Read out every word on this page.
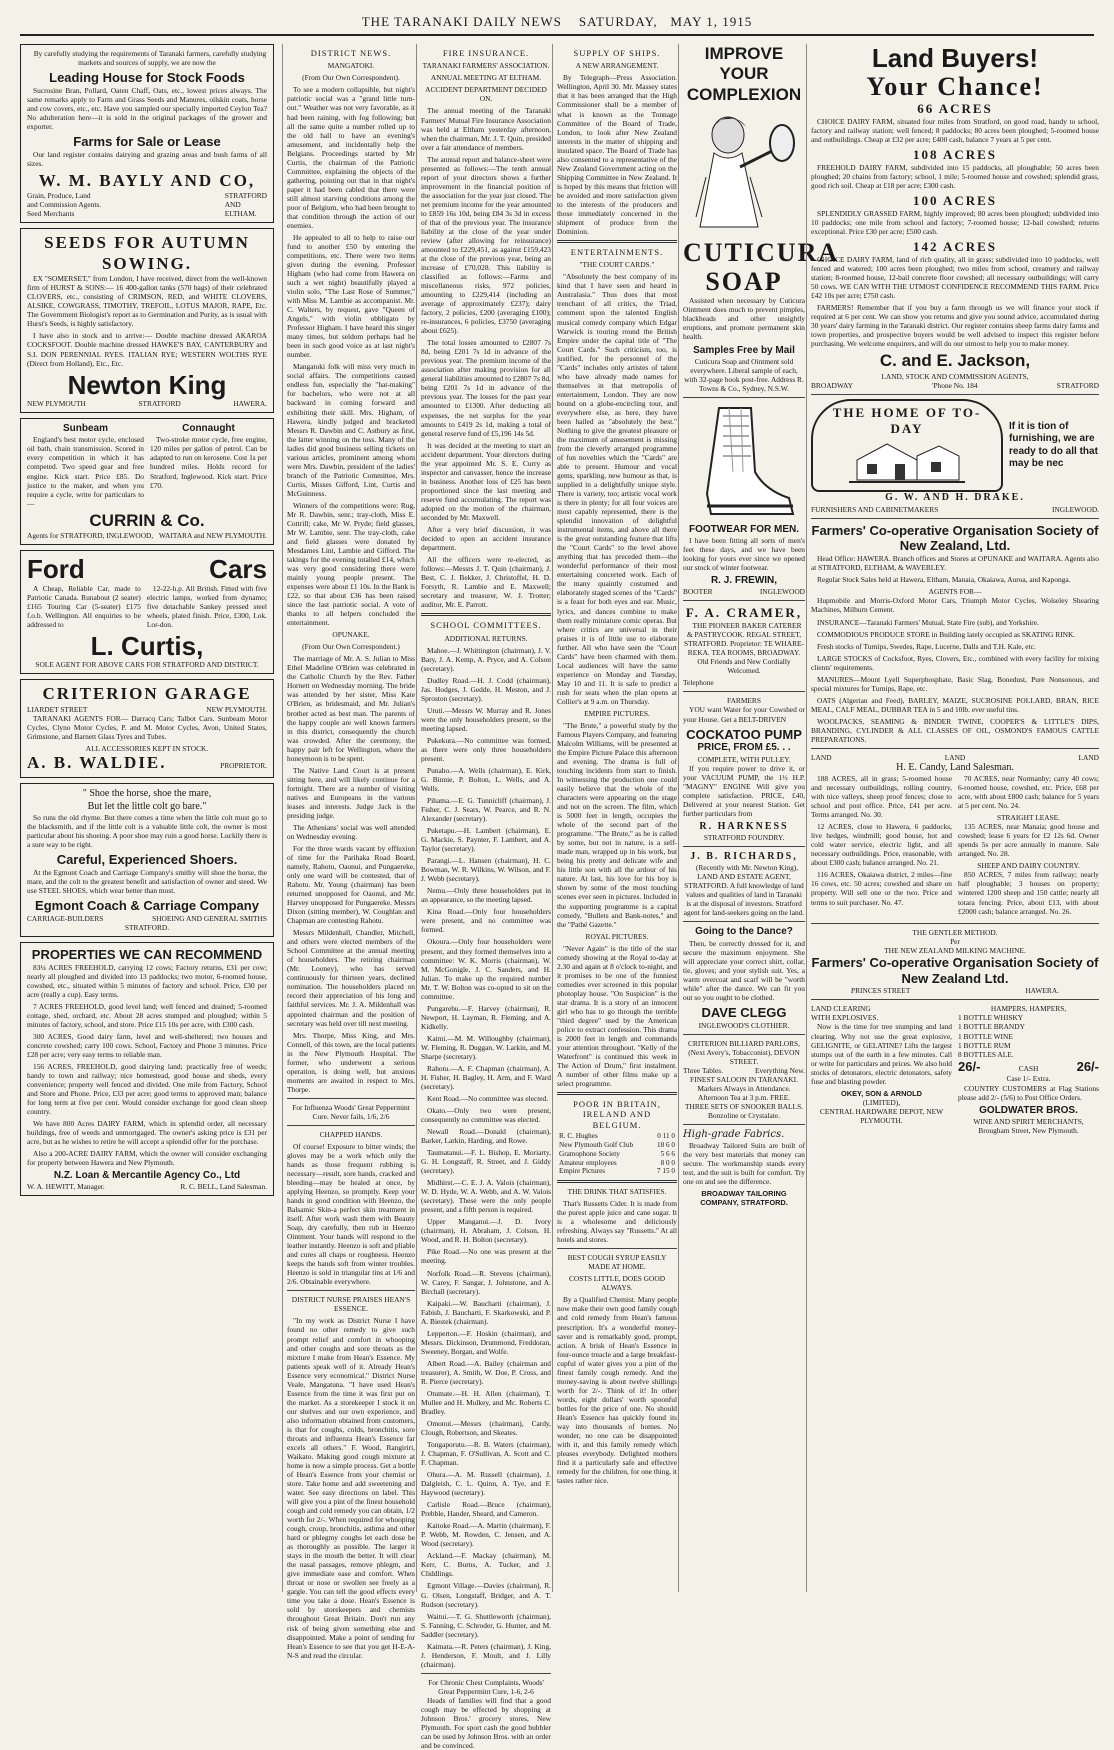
THE TARANAKI DAILY NEWS SATURDAY, MAY 1, 1915

By carefully studying the requirements of Taranaki farmers, carefully studying markets and sources of supply, we are now the

Leading House for Stock Foods

Sucrosine Bran, Pollard, Oaten Chaff, Oats, etc., lowest prices always. The same remarks apply to Farm and Grass Seeds and Manures, oilskin coats, horse and cow covers, etc., etc. Have you sampled our specially imported Ceylon Tea? No adulteration here—it is sold in the original packages of the grower and exporter.

Farms for Sale or Lease

Our land register contains dairying and grazing areas and bush farms of all sizes.

W. M. BAYLY AND CO,
Grain, Produce, Land
and Commission Agents.
Seed Merchants
STRATFORD
AND
ELTHAM.
SEEDS FOR AUTUMN SOWING.

EX "SOMERSET," from London, I have received, direct from the well-known firm of HURST & SONS:— 16 400-gallon tanks (570 bags) of their celebrated CLOVERS, etc., consisting of CRIMSON, RED, and WHITE CLOVERS, ALSIKE, COWGRASS, TIMOTHY, TREFOIL, LOTUS MAJOR, RAPE, Etc. The Government Biologist's report as to Germination and Purity, as is usual with Hurst's Seeds, is highly satisfactory.

I have also in stock and to arrive:— Double machine dressed AKAROA COCKSFOOT. Double machine dressed HAWKE'S BAY, CANTERBURY and S.I. DON PERENNIAL RYES. ITALIAN RYE; WESTERN WOLTHS RYE (Direct from Holland), Etc., Etc.

Newton King
NEW PLYMOUTH	STRATFORD	HAWERA.
Sunbeam

England's best motor cycle, enclosed oil bath, chain transmission. Scored in every competition in which it has competed. Two speed gear and free engine. Kick start. Price £85. Do justice to the maker, and when you require a cycle, write for particulars to—

Connaught

Two-stroke motor cycle, free engine, 120 miles per gallon of petrol. Can be adapted to run on kerosene. Cost 1s per hundred miles. Holds record for Stratford, Inglewood. Kick start. Price £70.

CURRIN & Co.
Agents for STRATFORD, INGLEWOOD, WAITARA and NEW PLYMOUTH.
Ford	Cars

A Cheap, Reliable Car, made to Patriotic Canada. Runabout (2 seater) £165 Touring Car (5-seater) £175 f.o.b. Wellington. All enquiries to be addressed to

12-22-h.p. All British. Fitted with five electric lamps, worked from dynamo; five detachable Sankey pressed steel wheels, plated finish. Price, £300, Lok. Lor-don.

L. Curtis,
SOLE AGENT FOR ABOVE CARS FOR STRATFORD AND DISTRICT.
CRITERION GARAGE
LIARDET STREET	NEW PLYMOUTH.

TARANAKI AGENTS FOR— Darracq Cars; Talbot Cars. Sunbeam Motor Cycles, Clyno Motor Cycles, P. and M. Motor Cycles, Avon, United States, Grimstone, and Barnett Glass Tyres and Tubes.

ALL ACCESSORIES KEPT IN STOCK.
A. B. WALDIE.	PROPRIETOR.
" Shoe the horse, shoe the mare,
But let the little colt go bare."

So runs the old rhyme. But there comes a time when the little colt must go to the blacksmith, and if the little colt is a valuable little colt, the owner is most particular about his shoeing. A poor shoe may ruin a good horse. Luckily there is a sure way to be right.

Careful, Experienced Shoers.

At the Egmont Coach and Carriage Company's smithy will shoe the horse, the mare, and the colt to the greatest benefit and satisfaction of owner and steed. We use STEEL SHOES, which wear better than most.

Egmont Coach & Carriage Company
CARRIAGE-BUILDERS	SHOEING AND GENERAL SMITHS
STRATFORD.
PROPERTIES WE CAN RECOMMEND

83¼ ACRES FREEHOLD, carrying 12 cows; Factory returns, £31 per cow; nearly all ploughed and divided into 13 paddocks; two motor, 6-roomed house, cowshed, etc., situated within 5 minutes of factory and school. Price, £30 per acre (really a cup). Easy terms.

7 ACRES FREEHOLD, good level land; well fenced and drained; 5-roomed cottage, shed, orchard, etc. About 28 acres stumped and ploughed; within 5 minutes of factory, school, and store. Price £15 10s per acre, with £300 cash.

300 ACRES, Good dairy farm, level and well-sheltered; two houses and concrete cowshed; carry 100 cows. School, Factory and Phone 3 minutes. Price £28 per acre; very easy terms to reliable man.

156 ACRES, FREEHOLD, good dairying land; practically free of weeds; handy to town and railway; nice homestead, good house and sheds, every convenience; property well fenced and divided. One mile from Factory, School and Store and Phone. Price, £33 per acre; good terms to approved man; balance for long term at five per cent. Would consider exchange for good clean sheep country.

We have 800 Acres DAIRY FARM, which in splendid order, all necessary buildings, free of weeds and unmortgaged. The owner's asking price is £31 per acre, but as he wishes to retire he will accept a splendid offer for the purchase.

Also a 200-ACRE DAIRY FARM, which the owner will consider exchanging for property between Hawera and New Plymouth.

N.Z. Loan & Mercantile Agency Co., Ltd
W. A. HEWITT, Manager.	R. C. BELL, Land Salesman.
DISTRICT NEWS.
MANGATOKI.
(From Our Own Correspondent).

To see a modern collapsible, but night's patriotic social was a "grand little turn-out." Weather was not very favorable, as it had been raining, with fog following; but all the same quite a number rolled up to the old hall to have an evening's amusement, and incidentally help the Belgians. Proceedings started by Mr Curtis, the chairman of the Patriotic Committee, explaining the objects of the gathering, pointing out that in that night's paper it had been cabled that there were still almost starving conditions among the poor of Belgium, who had been brought to that condition through the action of our enemies.

He appealed to all to help to raise our fund to another £50 by entering the competitions, etc. There were two items given during the evening. Professor Higham (who had come from Hawera on such a wet night) beautifully played a violin solo, "The Last Rose of Summer," with Miss M. Lambie as accompanist. Mr. C. Walters, by request, gave "Queen of Angels," with violin obbligato by Professor Higham. I have heard this singer many times, but seldom perhaps had he been in such good voice as at last night's number.

Mangatoki folk will miss very much in social affairs. The competitions caused endless fun, especially the "hat-making" for bachelors, who were not at all backward in coming forward and exhibiting their skill. Mrs. Higham, of Hawera, kindly judged and bracketed Messrs R. Dawbin and C. Astbury as first, the latter winning on the toss. Many of the ladies did good business selling tickets on various articles, prominent among whom were Mrs. Dawbin, president of the ladies' branch of the Patriotic Committee, Mrs. Curtis, Misses Gifford, Lint, Curtis and McGuinness.

Winners of the competitions were: Rug, Mr R. Dawbin, senr.; tray-cloth, Miss E. Cottrill; cake, Mr W. Pryde; field glasses, Mr W. Lambie, senr. The tray-cloth, cake and field glasses were donated by Mesdames Lint, Lambie and Gifford. The takings for the evening totalled £14, which was very good considering there were mainly young people present. The expenses were about £1 10s. In the Bank is £22, so that about £36 has been raised since the last patriotic social. A vote of thanks to all helpers concluded the entertainment.

OPUNAKE.
(From Our Own Correspondent.)

The marriage of Mr. A. S. Julian to Miss Ethel Madeline O'Brien was celebrated in the Catholic Church by the Rev. Father Hornett on Wednesday morning. The bride was attended by her sister, Miss Kate O'Brien, as bridesmaid, and Mr. Julian's brother acted as best man. The parents of the happy couple are well known farmers in this district, consequently the church was crowded. After the ceremony, the happy pair left for Wellington, where the honeymoon is to be spent.

The Native Land Court is at present sitting here, and will likely continue for a fortnight. There are a number of visiting natives and Europeans in the various leases and interests. Judge Jack is the presiding judge.

The Athenians' social was well attended on Wednesday evening.

For the three wards vacant by effluxion of time for the Parihaka Road Board, namely, Rahotu, Oaonui, and Pungaereke, only one ward will be contested, that of Rahotu. Mr. Young (chairman) has been returned unopposed for Oaonui, and Mr. Harvey unopposed for Pungaereke. Messrs Dixon (sitting member), W. Coughlan and Chapman are contesting Rahotu.

Messrs Mildenhall, Chandler, Mitchell, and others were elected members of the School Committee at the annual meeting of householders. The retiring chairman (Mr. Looney), who has served continuously for thirteen years, declined nomination. The householders placed on record their appreciation of his long and faithful services. Mr. J. A. Mildenhall was appointed chairman and the position of secretary was held over till next meeting.

Mrs. Thorpe, Miss King, and Mrs. Connell, of this town, are the local patients in the New Plymouth Hospital. The former, who underwent a serious operation, is doing well, but anxious moments are awaited in respect to Mrs. Thorpe.

For Influenza Woods' Great Peppermint Cure. Never fails, 1/6, 2/6
CHAPPED HANDS.

Of course! Exposure to bitter winds; the gloves may be a work which only the hands as those frequent rubbing is necessary—result, sore hands, cracked and bleeding—may be healed at once, by applying Heenzo, so promptly. Keep your hands in good condition with Heenzo, the Balsamic Skin-a perfect skin treatment in itself. After work wash them with Beauty Soap, dry carefully, then rub in Heenzo Ointment. Your hands will respond to the leather instantly. Heenzo is soft and pliable and cures all chaps or roughness. Heenzo keeps the hands soft from winter troubles. Heenzo is sold in triangular tins at 1/6 and 2/6. Obtainable everywhere.

DISTRICT NURSE PRAISES HEAN'S ESSENCE.

"In my work as District Nurse I have found no other remedy to give such prompt relief and comfort in whooping and other coughs and sore throats as the mixture I make from Hean's Essence. My patients speak well of it. Already Hean's Essence very economical." District Nurse Veale, Mangatuna. "I have used Hean's Essence from the time it was first put on the market. As a storekeeper I stock it on our shelves and our own experience, and also information obtained from customers, is that for coughs, colds, bronchitis, sore throats and influenza Hean's Essence far excels all others." F. Wood, Rangiriri, Waikato. Making good cough mixture at home is now a simple process. Get a bottle of Hean's Essence from your chemist or store. Take home and add sweetening and water. See easy directions on label. This will give you a pint of the finest household cough and cold remedy you can obtain, 1/2 worth for 2/-. When required for whooping cough, croup, bronchitis, asthma and other hard or phlegmy coughs let each dose be as thoroughly as possible. The larger it stays in the mouth the better. It will clear the nasal passages, remove phlegm, and give immediate ease and comfort. When throat or nose or swollen see freely as a gargle. You can tell the good effects every time you take a dose. Hean's Essence is sold by storekeepers and chemists throughout Great Britain. Don't run any risk of being given something else and disappointed. Make a point of sending for Hean's Essence to see that you get H-E-A-N-S and read the circular.

FIRE INSURANCE.
TARANAKI FARMERS' ASSOCIATION.
ANNUAL MEETING AT ELTHAM.
ACCIDENT DEPARTMENT DECIDED ON.

The annual meeting of the Taranaki Farmers' Mutual Fire Insurance Association was held at Eltham yesterday afternoon, when the chairman, Mr. J. T. Quin, presided over a fair attendance of members.

The annual report and balance-sheet were presented as follows:—The tenth annual report of your directors shows a further improvement in the financial position of the association for the year just closed. The net premium income for the year amounted to £859 16s 10d, being £84 3s 3d in excess of that of the previous year. The insurance liability at the close of the year under review (after allowing for reinsurance) amounted to £229,451, as against £159,423 at the close of the previous year, being an increase of £70,028. This liability is classified as follows:—Farms and miscellaneous risks, 972 policies, amounting to £229,414 (including an average of approximately £237); dairy factory, 2 policies, £200 (averaging £100); re-insurances, 6 policies, £3750 (averaging about £625).

The total losses amounted to £2807 7s 8d, being £201 7s 1d in advance of the previous year. The premium income of the association after making provision for all general liabilities amounted to £2807 7s 8d, being £201 7s 1d in advance of the previous year. The losses for the past year amounted to £1300. After deducting all expenses, the net surplus for the year amounts to £419 2s 1d, making a total of general reserve fund of £5,196 14s 5d.

It was decided at the meeting to start an accident department. Your directors during the year appointed Mr. S. E. Curry as inspector and canvasser, hence the increase in business. Another loss of £25 has been proportioned since the last meeting and reserve fund accumulating. The report was adopted on the motion of the chairman, seconded by Mr. Maxwell.

After a very brief discussion, it was decided to open an accident insurance department.

All the officers were re-elected, as follows:—Messrs J. T. Quin (chairman), J. Best, C. J. Bekker, J. Christoffel, H. D. Forsyth, R. Lambie and E. Maxwell; secretary and treasurer, W. J. Trotter; auditor, Mr. E. Parrott.

SCHOOL COMMITTEES.
ADDITIONAL RETURNS.

Mahoe.—J. Whittington (chairman), J. V. Bary, J. A. Kemp, A. Pryce, and A. Colson (secretary).

Dudley Road.—H. J. Codd (chairman), Jas. Hodges, J. Gedde, H. Meston, and J. Sproston (secretary).

Uruti.—Messrs W. Murray and R. Jones were the only householders present, so the meeting lapsed.

Pukekura.—No committee was formed, as there were only three householders present.

Punaho.—A. Wells (chairman), E. Kirk, G. Binnie, P. Bolton, L. Wells, and A. Wells.

Pihama.—E. G. Tunnicliff (chairman), J. Fisher, C. J. Sears, W. Pearce, and R. N. Alexander (secretary).

Puketapu.—H. Lambert (chairman), E. G. Mackie, S. Paynter, F. Lambert, and A. Taylor (secretary).

Parangi.—L. Hansen (chairman), H. C. Bowman, W. R. Wilkins, W. Wilson, and F. J. Webb (secretary).

Nemu.—Only three householders put in an appearance, so the meeting lapsed.

Kina Road.—Only four householders were present, and no committee was formed.

Okoura.—Only four householders were present, and they formed themselves into a committee: W. K. Morris (chairman), W. M. McGonigle, J. C. Sanders, and H. Julian. To make up the required number Mr. T. W. Bolton was co-opted to sit on the committee.

Pungarehu.—F. Harvey (chairman), R. Newport, H. Layman, R. Fleming, and A. Kidkelly.

Kaimi.—M. M. Willoughby (chairman), W. Fleming, R. Duggan, W. Larkin, and M. Sharpe (secretary).

Rahotu.—A. F. Chapman (chairman), A. H. Fisher, H. Bagley, H. Arm, and F. Ward (secretary).

Kent Road.—No committee was elected.

Okato.—Only two were present, consequently no committee was elected.

Newall Road.—Donald (chairman), Barker, Larkin, Harding, and Rowe.

Taumatanui.—F. L. Bishop, E. Moriarty, G. H. Longstaff, R. Street, and J. Giddy (secretary).

Midhirst.—C. E. J. A. Valois (chairman), W. D. Hyde, W. A. Webb, and A. W. Valois (secretary). These were the only people present, and a fifth person is required.

Upper Manganui.—J. D. Ivory (chairman), H. Abraham, J. Colson, H. Wood, and R. H. Bolton (secretary).

Pike Road.—No one was present at the meeting.

Norfolk Road.—R. Stevens (chairman), W. Carey, F. Sangar, J. Johnstone, and A. Birchall (secretary).

Kaipaki.—W. Baucharti (chairman), J. Fabish, J. Baucharti, F. Skarkowski, and P. A. Biestek (chairman).

Lepperton.—F. Hoskin (chairman), and Messrs. Dickinson, Drummond, Freddoran, Sweeney, Borgan, and Wolfe.

Albert Road.—A. Bailey (chairman and treasurer), A. Smith, W. Doe, P. Cross, and R. Pierce (secretary).

Otumate.—H. H. Allen (chairman), T. Mullee and H. Mulkey, and Mc. Roberts C. Bradley.

Omonui.—Messrs (chairman), Cardy, Clough, Robertson, and Skeates.

Tongaporutu.—R. B. Waters (chairman), J. Chapman, F. O'Sullivan, A. Scott and C. F. Chapman.

Ohura.—A. M. Russell (chairman), J. Dalgleish, C. L. Quinn, A. Tye, and F. Haywood (secretary).

Carlisle Road.—Bruce (chairman), Prebble, Hander, Sheard, and Cameron.

Kaitoke Road.—A. Martin (chairman), F. P. Webb, M. Rowden, C. Jensen, and A. Wood (secretary).

Ackland.—F. Mackay (chairman), M. Kerr, C. Burns, A. Tucker, and J. Cliddlings.

Egmont Village.—Davies (chairman), R. G. Olsen, Longstaff, Bridger, and A. T. Rudson (secretary).

Waitui.—T. G. Shuttleworth (chairman), S. Fanning, C. Schroder, G. Hunter, and M. Saddler (secretary).

Kaimata.—R. Peters (chairman), J. King, J. Henderson, F. Moult, and J. Lilly (chairman).

For Chronic Chest Complaints, Woods' Great Peppermint Cure, 1-6, 2-6

Heads of families will find that a good cough may be effected by shopping at Johnson Bros.' grocery stores, New Plymouth. For sport cash the good bubbler can be used by Johnson Bros. with an order and be convinced.

SUPPLY OF SHIPS.
A NEW ARRANGEMENT.

By Telegraph—Press Association. Wellington, April 30. Mr. Massey states that it has been arranged that the High Commissioner shall be a member of what is known as the Tonnage Committee of the Board of Trade, London, to look after New Zealand interests in the matter of shipping and insulated space. The Board of Trade has also consented to a representative of the New Zealand Government acting on the Shipping Committee in New Zealand. It is hoped by this means that friction will be avoided and more satisfaction given to the interests of the producers and those immediately concerned in the shipment of produce from the Dominion.

ENTERTAINMENTS.
"THE COURT CARDS."

"Absolutely the best company of its kind that I have seen and heard in Australasia." Thus does that most trenchant of all critics, the Triad, comment upon the talented English musical comedy company which Edgar Warwick is touring round the British Empire under the capital title of "The Court Cards." Such criticism, too, is justified, for the personnel of the "Cards" includes only artistes of talent who have already made names for themselves in that metropolis of entertainment, London. They are now bound on a globe-encircling tour, and everywhere else, as here, they have been hailed as "absolutely the best." Nothing to give the greatest pleasure or the maximum of amusement is missing from the cleverly arranged programme of fun novelties which the "Cards" are able to present. Humour and vocal gems, sparkling, new humour as that, is supplied in a delightfully unique style. There is variety, too; artistic vocal work is there in plenty; for all four voices are most capably represented, there is the splendid innovation of delightful instrumental items, and above all there is the great outstanding feature that lifts the "Court Cards" to the level above anything that has preceded them—the wonderful performance of their most entertaining concerted work. Each of the many quaintly costumed and elaborately staged scenes of the "Cards" is a feast for both eyes and ear. Music, lyrics, and dances combine to make them really miniature comic operas. But where critics are universal in their praises it is of little use to elaborate further. All who have seen the "Court Cards" have been charmed with them. Local audiences will have the same experience on Monday and Tuesday, May 10 and 11. It is safe to predict a rush for seats when the plan opens at Collier's at 9 a.m. on Thursday.

EMPIRE PICTURES.

"The Brute," a powerful study by the Famous Players Company, and featuring Malcolm Williams, will be presented at the Empire Picture Palace this afternoon and evening. The drama is full of touching incidents from start to finish. In witnessing the production one could easily believe that the whole of the characters were appearing on the stage and not on the screen. The film, which is 5000 feet in length, occupies the whole of the second part of the programme. "The Brute," as he is called by some, but not in nature, is a self-made man, wrapped up in his work, but being his pretty and delicate wife and his little son with all the ardour of his nature. At last, his love for his boy is shown by some of the most touching scenes ever seen in pictures. Included in the supporting programme is a capital comedy, "Bullets and Bank-notes," and the "Pathé Gazette."

ROYAL PICTURES.

"Never Again" is the title of the star comedy showing at the Royal to-day at 2.30 and again at 8 o'clock to-night, and it promises to be one of the funniest comedies ever screened in this popular photoplay house. "On Suspicion" is the star drama. It is a story of an innocent girl who has to go through the terrible "third degree" used by the American police to extract confession. This drama is 2000 feet in length and commands your attention throughout. "Kelly of the Waterfront" is continued this week in The Action of Drum," first instalment. A number of other films make up a select programme.

POOR IN BRITAIN, IRELAND AND BELGIUM.
R. C. Hughes	0 11 0
New Plymouth Golf Club	18 6 0
Gramophone Society	5 6 6
Amateur employees	8 0 0
Empire Pictures	7 15 0
THE DRINK THAT SATISFIES.

That's Russetts Cider. It is made from the purest apple juice and cane sugar. It is a wholesome and deliciously refreshing. Always say "Russetts." At all hotels and stores.

BEST COUGH SYRUP EASILY MADE AT HOME.
COSTS LITTLE, DOES GOOD ALWAYS.

By a Qualified Chemist. Many people now make their own good family cough and cold remedy from Hean's famous prescription. It's a wonderful money-saver and is remarkably good, prompt, action. A brisk of Hean's Essence in four-ounce treacle and a large breakfast-cupful of water gives you a pint of the finest family cough remedy. And the money-saving is about twelve shillings worth for 2/-. Think of it! In other words, eight dollars' worth spoonful bottles for the price of one. No should Hean's Essence has quickly found its way into thousands of homes. No wonder, no one can be disappointed with it, and this family remedy which pleases everybody. Delighted mothers find it a particularly safe and effective remedy for the children, for one thing, it tastes rather nice.

IMPROVE YOUR
COMPLEXION
CUTICURA
SOAP

Assisted when necessary by Cuticura Ointment does much to prevent pimples, blackheads and other unsightly eruptions, and promote permanent skin health.

Samples Free by Mail
Cuticura Soap and Ointment sold everywhere. Liberal sample of each, with 32-page book post-free. Address R. Towns & Co., Sydney, N.S.W.
FOOTWEAR FOR MEN.

I have been fitting all sorts of men's feet these days, and we have been looking for yours ever since we opened our stock of winter footwear.

R. J. FREWIN,
BOOTER	INGLEWOOD
F. A. CRAMER,

THE PIONEER BAKER CATERER & PASTRYCOOK. REGAL STREET, STRATFORD. Proprietor: TE WHARE-REKA. TEA ROOMS, BROADWAY. Old Friends and New Cordially Welcomed.

Telephone
FARMERS

YOU want Water for your Cowshed or your House. Get a BELT-DRIVEN

COCKATOO PUMP
PRICE, FROM £5. . .
COMPLETE, WITH PULLEY.

If you require power to drive it, or your VACUUM PUMP, the 1½ H.P. "MAGNY" ENGINE Will give you complete satisfaction. PRICE, £40, Delivered at your nearest Station. Get further particulars from

R. HARKNESS
STRATFORD FOUNDRY.
J. B. RICHARDS,

(Recently with Mr. Newton King), LAND AND ESTATE AGENT, STRATFORD. A full knowledge of land values and qualities of land in Taranaki is at the disposal of investors. Stratford agent for land-seekers going on the land.

Going to the Dance?

Then, be correctly dressed for it, and secure the maximum enjoyment. She will appreciate your correct shirt, collar, tie, gloves; and your stylish suit. Yes, a warm overcoat and scarf will be "worth while" after the dance. We can fit you out so you ought to be clothed.

DAVE CLEGG
INGLEWOOD'S CLOTHIER.
CRITERION BILLIARD PARLORS,
(Next Avery's, Tobacconist), DEVON STREET.
Three Tables.	Everything New.
FINEST SALOON IN TARANAKI.
Markers Always in Attendance.
Afternoon Tea at 3 p.m. FREE.
THREE SETS OF SNOOKER BALLS.
Bonzoline or Crystalate.
High-grade Fabrics.

Broadway Tailored Suits are built of the very best materials that money can secure. The workmanship stands every test, and the suit is built for comfort. Try one on and see the difference.

BROADWAY TAILORING COMPANY, STRATFORD.
Land Buyers!
Your Chance!
66 ACRES

CHOICE DAIRY FARM, situated four miles from Stratford, on good road, handy to school, factory and railway station; well fenced; 8 paddocks; 80 acres been ploughed; 5-roomed house and outbuildings. Cheap at £32 per acre; £400 cash, balance 7 years at 5 per cent.

108 ACRES

FREEHOLD DAIRY FARM, subdivided into 15 paddocks, all ploughable; 50 acres been ploughed; 20 chains from factory; school, 1 mile; 5-roomed house and cowshed; splendid grass, good rich soil. Cheap at £18 per acre; £300 cash.

100 ACRES

SPLENDIDLY GRASSED FARM, highly improved; 80 acres been ploughed; subdivided into 10 paddocks; one mile from school and factory; 7-roomed house; 12-bail cowshed; returns exceptional. Price £30 per acre; £500 cash.

142 ACRES

CHOICE DAIRY FARM, land of rich quality, all in grass; subdivided into 10 paddocks, well fenced and watered; 100 acres been ploughed; two miles from school, creamery and railway station; 8-roomed house, 12-bail concrete floor cowshed; all necessary outbuildings; will carry 50 cows. WE CAN WITH THE UTMOST CONFIDENCE RECOMMEND THIS FARM. Price £42 10s per acre; £750 cash.

FARMERS! Remember that if you buy a farm through us we will finance your stock if required at 6 per cent. We can show you returns and give you sound advice, accumulated during 30 years' dairy farming in the Taranaki district. Our register contains sheep farms dairy farms and town properties, and prospective buyers would be well advised to inspect this register before purchasing. We welcome enquirers, and will do our utmost to help you to make money.

C. and E. Jackson,
LAND, STOCK AND COMMISSION AGENTS,
BROADWAY	'Phone No. 184	STRATFORD
THE HOME OF TO-DAY	If it is tion of furnishing, we are ready to do all that may be nec
G. W. AND H. DRAKE.
FURNISHERS AND CABINETMAKERS	INGLEWOOD.
Farmers' Co-operative Organisation Society of New Zealand, Ltd.

Head Office: HAWERA. Branch offices and Stores at OPUNAKE and WAITARA. Agents also at STRATFORD, ELTHAM, & WAVERLEY.

Regular Stock Sales held at Hawera, Eltham, Manaia, Okaiawa, Auroa, and Kaponga.

AGENTS FOR—

Hupmobile and Morris-Oxford Motor Cars, Triumph Motor Cycles, Wolseley Shearing Machines, Milburn Cement.

INSURANCE—Taranaki Farmers' Mutual, State Fire (sub), and Yorkshire.

COMMODIOUS PRODUCE STORE in Building lately occupied as SKATING RINK.

Fresh stocks of Turnips, Swedes, Rape, Lucerne, Dalls and T.H. Kale, etc.

LARGE STOCKS of Cocksfoot, Ryes, Clovers, Etc., combined with every facility for mixing clients' requirements.

MANURES—Mount Lyell Superphosphate, Basic Slag, Bonedust, Pure Nonsonous, and special mixtures for Turnips, Rape, etc.

OATS (Algerian and Feed), BARLEY, MAIZE, SUCROSINE POLLARD, BRAN, RICE MEAL, CALF MEAL, DUBBAR TEA in 5 and 10lb. ever useful tins.

WOOLPACKS, SEAMING & BINDER TWINE, COOPER'S & LITTLE'S DIPS, BRANDING, CYLINDER & ALL CLASSES OF OIL, OSMOND'S FAMOUS CATTLE PREPARATIONS.

LAND	LAND	LAND
H. E. Candy, Land Salesman.

188 ACRES, all in grass; 5-roomed house and necessary outbuildings, rolling country, with nice valleys, sheep proof fences; close to school and post office. Price, £41 per acre. Terms arranged. No. 30.

12 ACRES, close to Hawera, 6 paddocks, live hedges, windmill; good house, hot and cold water service, electric light, and all necessary outbuildings. Price, reasonable, with about £300 cash; balance arranged. No. 21.

116 ACRES, Okaiawa district, 2 miles—fine 16 cows, etc. 50 acres; cowshed and share on property. Will sell one or the two. Price and terms to suit purchaser. No. 47.

70 ACRES, near Normanby; carry 40 cows; 6-roomed house, cowshed, etc. Price, £68 per acre, with about £800 cash; balance for 5 years at 5 per cent. No. 24.

STRAIGHT LEASE.

135 ACRES, near Manaia; good house and cowshed; lease 6 years for £2 12s 6d. Owner spends 5s per acre annually in manure. Sale arranged. No. 28.

SHEEP AND DAIRY COUNTRY.

850 ACRES, 7 miles from railway; nearly half ploughable; 3 houses on property; wintered 1200 sheep and 150 cattle; nearly all totara fencing. Price, about £13, with about £2000 cash; balance arranged. No. 26.

THE GENTLER METHOD.
Per
THE NEW ZEALAND MILKING MACHINE.
Farmers' Co-operative Organisation Society of New Zealand Ltd.
PRINCES STREET	HAWERA.
LAND CLEARING
WITH EXPLOSIVES.

Now is the time for tree stumping and land clearing. Why not use the great explosive, GELIGNITE, or GELATINE? Lifts the largest stumps out of the earth in a few minutes. Call or write for particulars and prices. We also hold stocks of detonators, electric detonators, safety fuse and blasting powder.

OKEY, SON & ARNOLD
(LIMITED),
CENTRAL HARDWARE DEPOT, NEW PLYMOUTH.
HAMPERS, HAMPERS,
1 BOTTLE WHISKY
1 BOTTLE BRANDY
1 BOTTLE WINE
1 BOTTLE RUM
8 BOTTLES ALE.
26/-	CASH	26/-
Case 1/- Extra.

COUNTRY CUSTOMERS at Flag Stations please add 2/- (5/6) to Post Office Orders.

GOLDWATER BROS.
WINE AND SPIRIT MERCHANTS,
Brougham Street, New Plymouth.
